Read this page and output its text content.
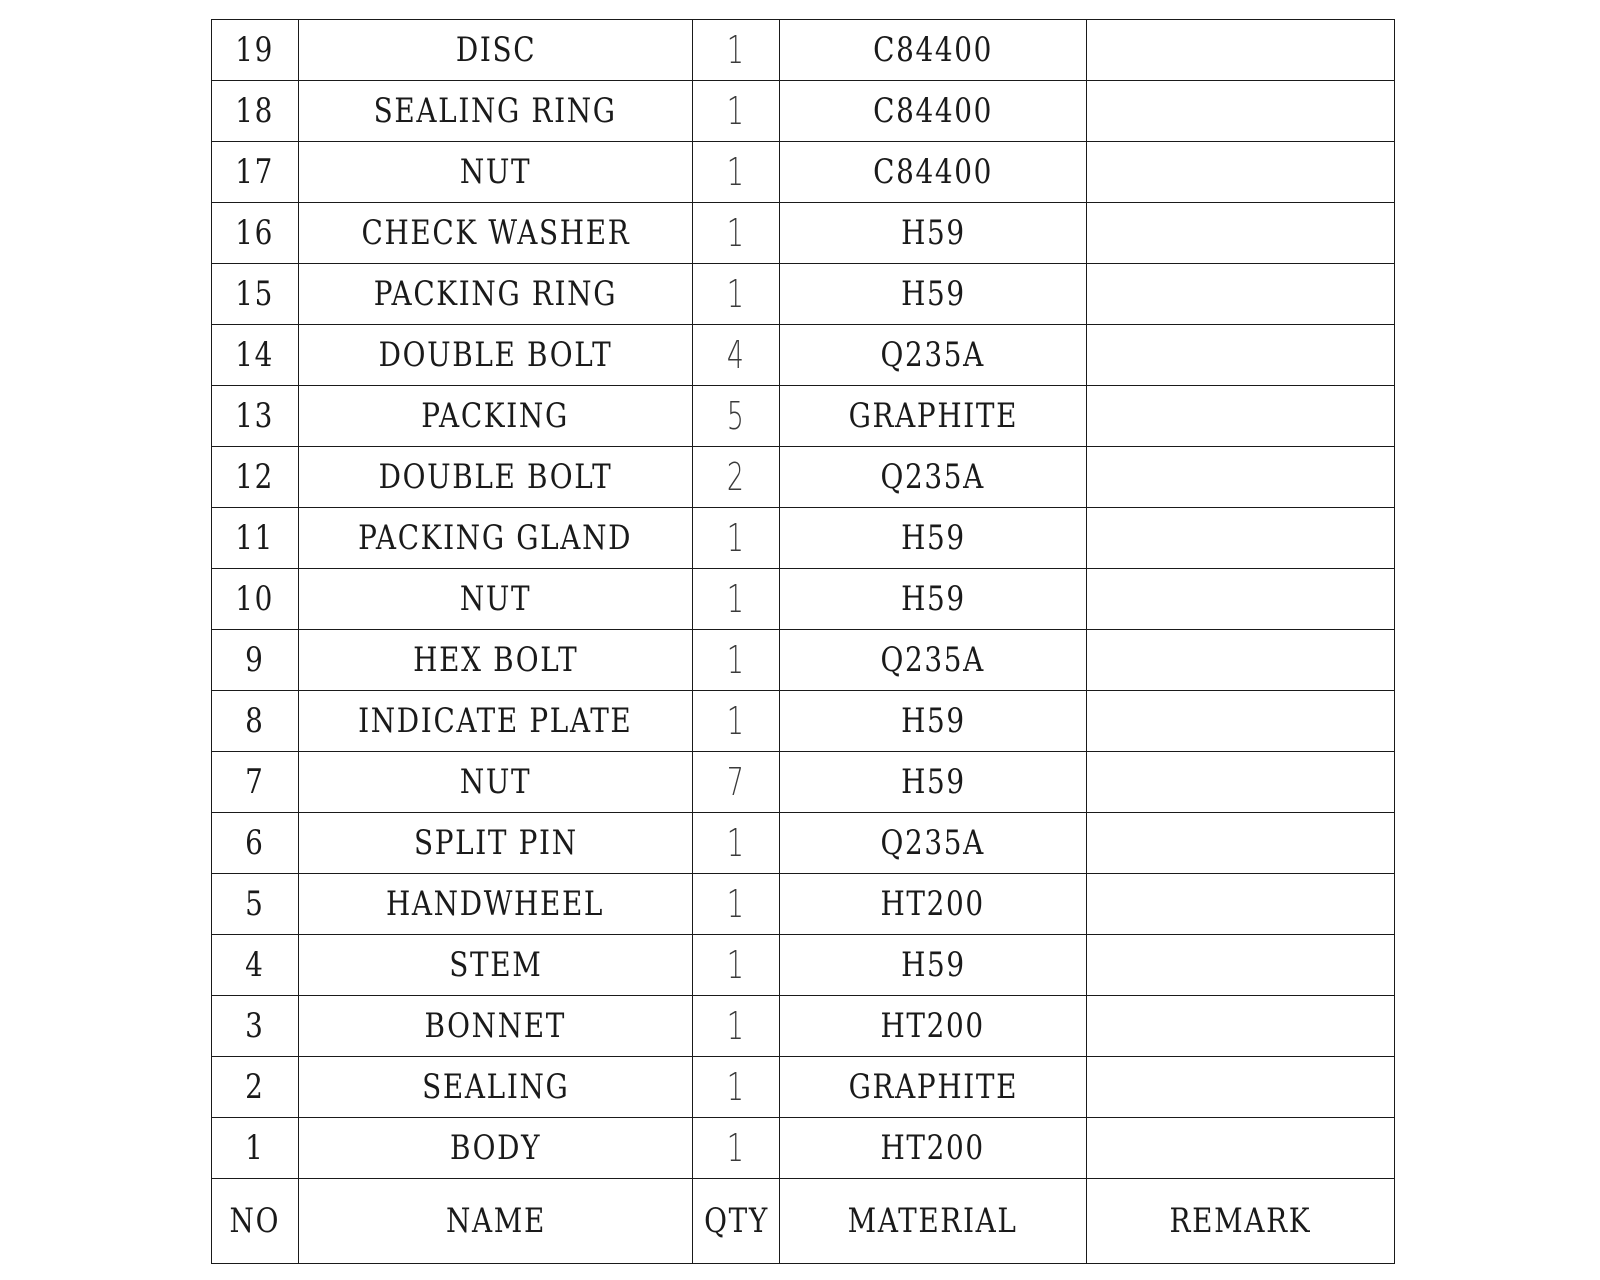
19	DISC	1	C84400	
18	SEALING RING	1	C84400	
17	NUT	1	C84400	
16	CHECK WASHER	1	H59	
15	PACKING RING	1	H59	
14	DOUBLE BOLT	4	Q235A	
13	PACKING	5	GRAPHITE	
12	DOUBLE BOLT	2	Q235A	
11	PACKING GLAND	1	H59	
10	NUT	1	H59	
9	HEX BOLT	1	Q235A	
8	INDICATE PLATE	1	H59	
7	NUT	7	H59	
6	SPLIT PIN	1	Q235A	
5	HANDWHEEL	1	HT200	
4	STEM	1	H59	
3	BONNET	1	HT200	
2	SEALING	1	GRAPHITE	
1	BODY	1	HT200	
NO	NAME	QTY	MATERIAL	REMARK
